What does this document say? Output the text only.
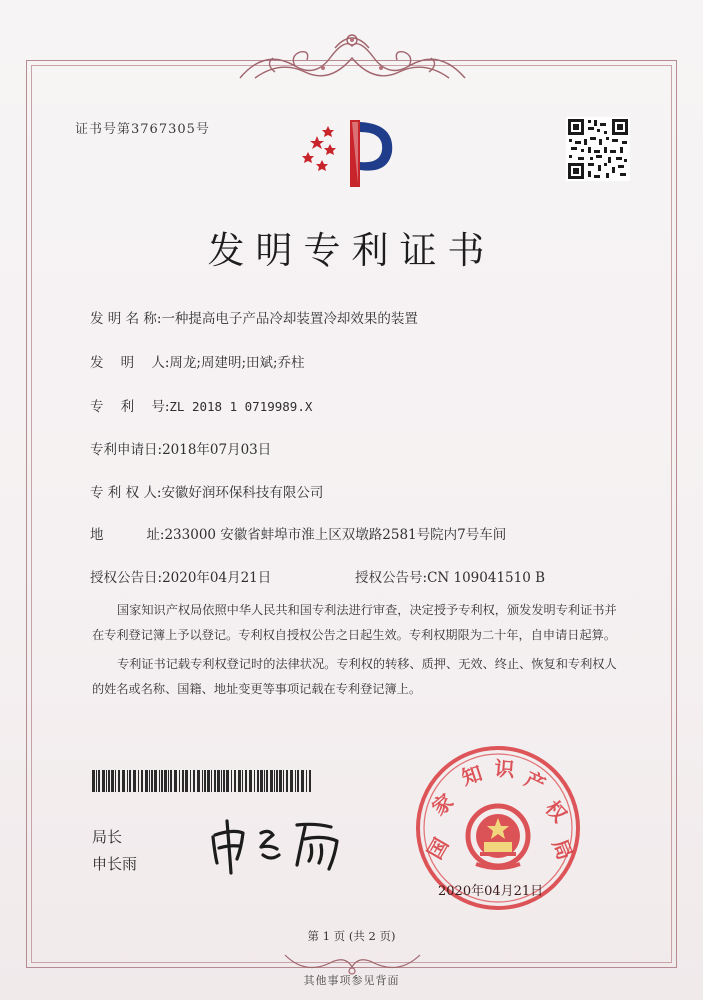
证书号第3767305号
发明专利证书
发 明 名 称:一种提高电子产品冷却装置冷却效果的装置
发    明    人:周龙;周建明;田斌;乔柱
专    利    号:ZL 2018 1 0719989.X
专利申请日:2018年07月03日
专 利 权 人:安徽好润环保科技有限公司
地          址:233000 安徽省蚌埠市淮上区双墩路2581号院内7号车间
授权公告日:2020年04月21日	授权公告号:CN 109041510 B
国家知识产权局依照中华人民共和国专利法进行审查，决定授予专利权，颁发发明专利证书并在专利登记簿上予以登记。专利权自授权公告之日起生效。专利权期限为二十年，自申请日起算。
专利证书记载专利权登记时的法律状况。专利权的转移、质押、无效、终止、恢复和专利权人的姓名或名称、国籍、地址变更等事项记载在专利登记簿上。
局长
申长雨
国
家
知 识 产
权
局
2020年04月21日
第 1 页 (共 2 页)
其他事项参见背面
